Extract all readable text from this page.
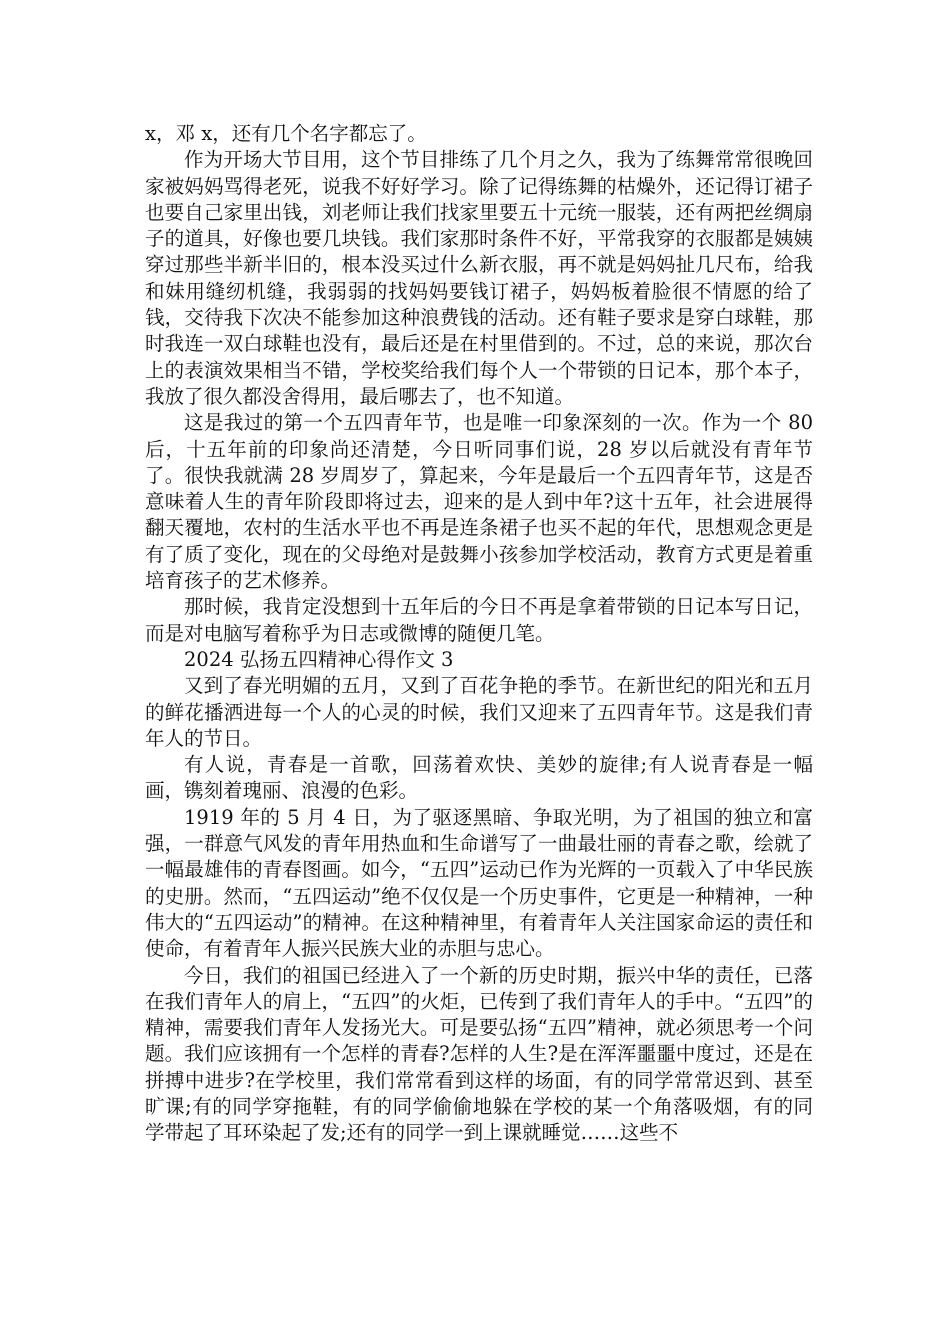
x，邓 x，还有几个名字都忘了。

作为开场大节目用，这个节目排练了几个月之久，我为了练舞常常很晚回家被妈妈骂得老死，说我不好好学习。除了记得练舞的枯燥外，还记得订裙子也要自己家里出钱，刘老师让我们找家里要五十元统一服装，还有两把丝绸扇子的道具，好像也要几块钱。我们家那时条件不好，平常我穿的衣服都是姨姨穿过那些半新半旧的，根本没买过什么新衣服，再不就是妈妈扯几尺布，给我和妹用缝纫机缝，我弱弱的找妈妈要钱订裙子，妈妈板着脸很不情愿的给了钱，交待我下次决不能参加这种浪费钱的活动。还有鞋子要求是穿白球鞋，那时我连一双白球鞋也没有，最后还是在村里借到的。不过，总的来说，那次台上的表演效果相当不错，学校奖给我们每个人一个带锁的日记本，那个本子，我放了很久都没舍得用，最后哪去了，也不知道。

这是我过的第一个五四青年节，也是唯一印象深刻的一次。作为一个 80 后，十五年前的印象尚还清楚，今日听同事们说，28 岁以后就没有青年节了。很快我就满 28 岁周岁了，算起来，今年是最后一个五四青年节，这是否意味着人生的青年阶段即将过去，迎来的是人到中年?这十五年，社会进展得翻天覆地，农村的生活水平也不再是连条裙子也买不起的年代，思想观念更是有了质了变化，现在的父母绝对是鼓舞小孩参加学校活动，教育方式更是着重培育孩子的艺术修养。

那时候，我肯定没想到十五年后的今日不再是拿着带锁的日记本写日记，而是对电脑写着称乎为日志或微博的随便几笔。

2024 弘扬五四精神心得作文 3

又到了春光明媚的五月，又到了百花争艳的季节。在新世纪的阳光和五月的鲜花播洒进每一个人的心灵的时候，我们又迎来了五四青年节。这是我们青年人的节日。

有人说，青春是一首歌，回荡着欢快、美妙的旋律;有人说青春是一幅画，镌刻着瑰丽、浪漫的色彩。

1919 年的 5 月 4 日，为了驱逐黑暗、争取光明，为了祖国的独立和富强，一群意气风发的青年用热血和生命谱写了一曲最壮丽的青春之歌，绘就了一幅最雄伟的青春图画。如今，“五四”运动已作为光辉的一页载入了中华民族的史册。然而，“五四运动”绝不仅仅是一个历史事件，它更是一种精神，一种伟大的“五四运动”的精神。在这种精神里，有着青年人关注国家命运的责任和使命，有着青年人振兴民族大业的赤胆与忠心。

今日，我们的祖国已经进入了一个新的历史时期，振兴中华的责任，已落在我们青年人的肩上，“五四”的火炬，已传到了我们青年人的手中。“五四”的精神，需要我们青年人发扬光大。可是要弘扬“五四”精神，就必须思考一个问题。我们应该拥有一个怎样的青春?怎样的人生?是在浑浑噩噩中度过，还是在拼搏中进步?在学校里，我们常常看到这样的场面，有的同学常常迟到、甚至旷课;有的同学穿拖鞋，有的同学偷偷地躲在学校的某一个角落吸烟，有的同学带起了耳环染起了发;还有的同学一到上课就睡觉……这些不
